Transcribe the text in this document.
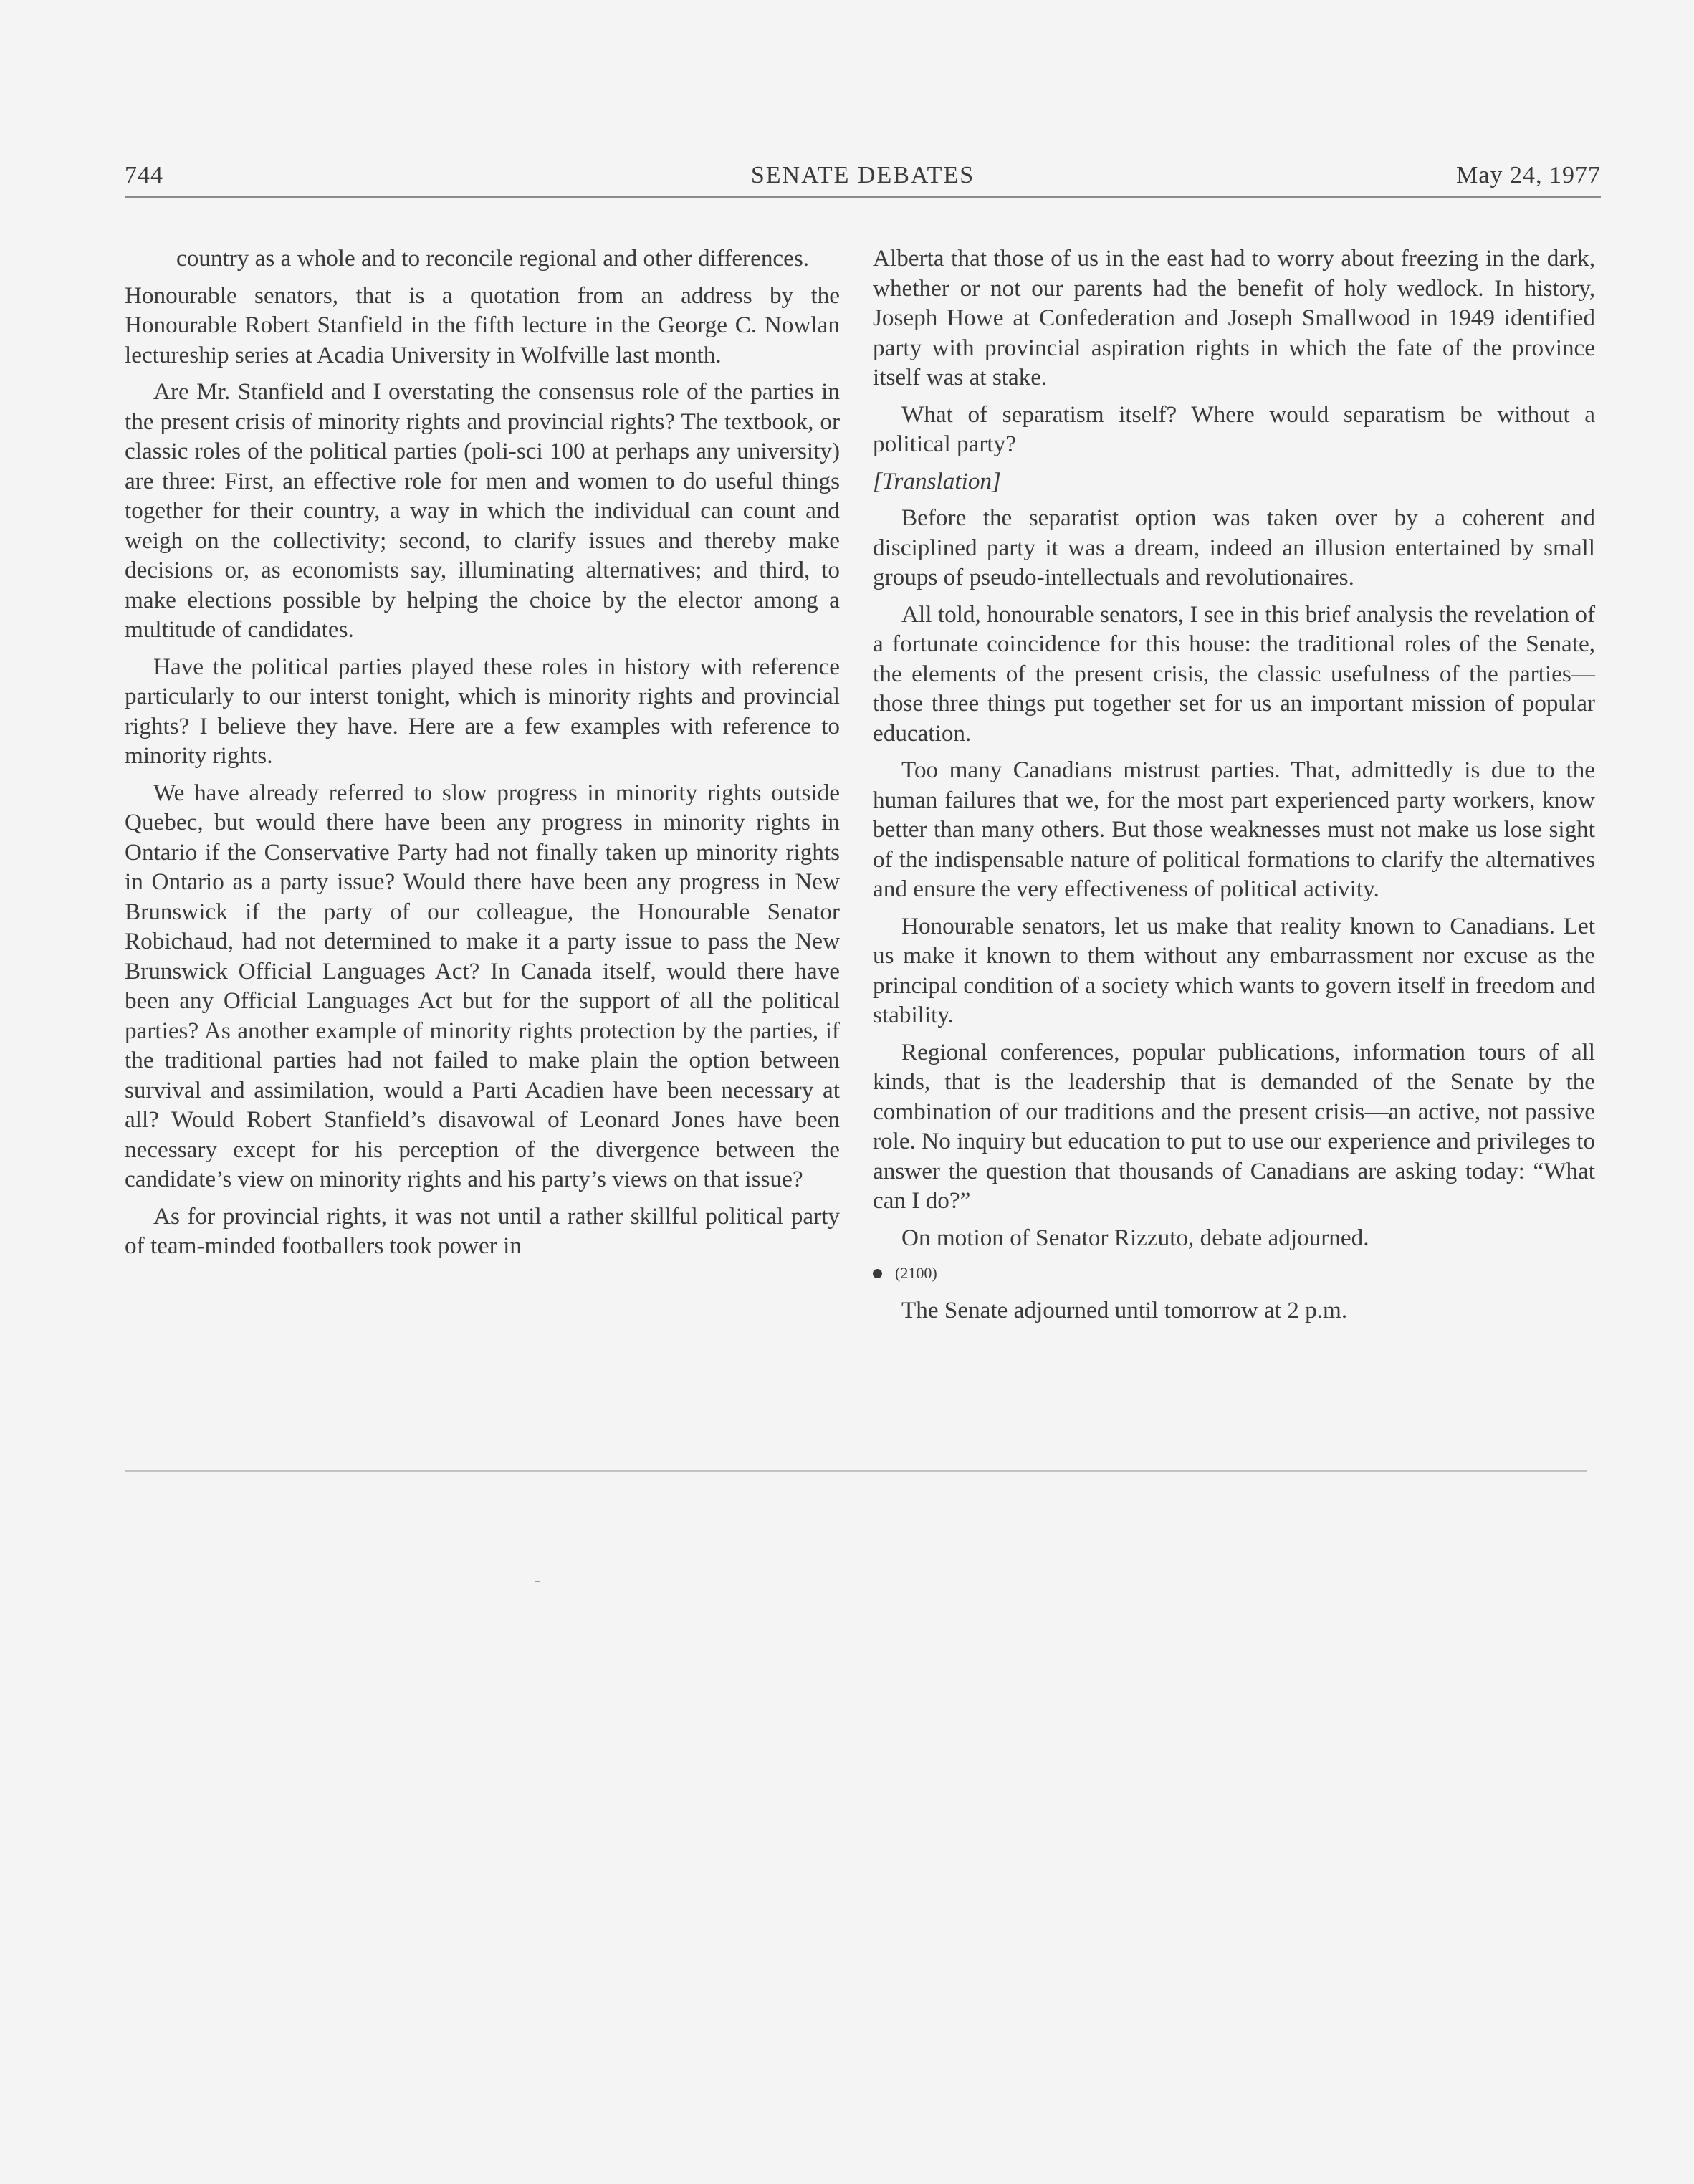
744	SENATE DEBATES	May 24, 1977

country as a whole and to reconcile regional and other differences.

Honourable senators, that is a quotation from an address by the Honourable Robert Stanfield in the fifth lecture in the George C. Nowlan lectureship series at Acadia University in Wolfville last month.

Are Mr. Stanfield and I overstating the consensus role of the parties in the present crisis of minority rights and provincial rights? The textbook, or classic roles of the political parties (poli-sci 100 at perhaps any university) are three: First, an effective role for men and women to do useful things together for their country, a way in which the individual can count and weigh on the collectivity; second, to clarify issues and thereby make decisions or, as economists say, illuminating alternatives; and third, to make elections possible by helping the choice by the elector among a multitude of candidates.

Have the political parties played these roles in history with reference particularly to our interst tonight, which is minority rights and provincial rights? I believe they have. Here are a few examples with reference to minority rights.

We have already referred to slow progress in minority rights outside Quebec, but would there have been any progress in minority rights in Ontario if the Conservative Party had not finally taken up minority rights in Ontario as a party issue? Would there have been any progress in New Brunswick if the party of our colleague, the Honourable Senator Robichaud, had not determined to make it a party issue to pass the New Brunswick Official Languages Act? In Canada itself, would there have been any Official Languages Act but for the support of all the political parties? As another example of minority rights protection by the parties, if the traditional parties had not failed to make plain the option between survival and assimilation, would a Parti Acadien have been necessary at all? Would Robert Stanfield’s disavowal of Leonard Jones have been necessary except for his perception of the divergence between the candidate’s view on minority rights and his party’s views on that issue?

As for provincial rights, it was not until a rather skillful political party of team-minded footballers took power in

Alberta that those of us in the east had to worry about freezing in the dark, whether or not our parents had the benefit of holy wedlock. In history, Joseph Howe at Confederation and Joseph Smallwood in 1949 identified party with provincial aspiration rights in which the fate of the province itself was at stake.

What of separatism itself? Where would separatism be without a political party?

[Translation]

Before the separatist option was taken over by a coherent and disciplined party it was a dream, indeed an illusion entertained by small groups of pseudo-intellectuals and revolutionaires.

All told, honourable senators, I see in this brief analysis the revelation of a fortunate coincidence for this house: the traditional roles of the Senate, the elements of the present crisis, the classic usefulness of the parties—those three things put together set for us an important mission of popular education.

Too many Canadians mistrust parties. That, admittedly is due to the human failures that we, for the most part experienced party workers, know better than many others. But those weaknesses must not make us lose sight of the indispensable nature of political formations to clarify the alternatives and ensure the very effectiveness of political activity.

Honourable senators, let us make that reality known to Canadians. Let us make it known to them without any embarrassment nor excuse as the principal condition of a society which wants to govern itself in freedom and stability.

Regional conferences, popular publications, information tours of all kinds, that is the leadership that is demanded of the Senate by the combination of our traditions and the present crisis—an active, not passive role. No inquiry but education to put to use our experience and privileges to answer the question that thousands of Canadians are asking today: “What can I do?”

On motion of Senator Rizzuto, debate adjourned.

(2100)

The Senate adjourned until tomorrow at 2 p.m.
